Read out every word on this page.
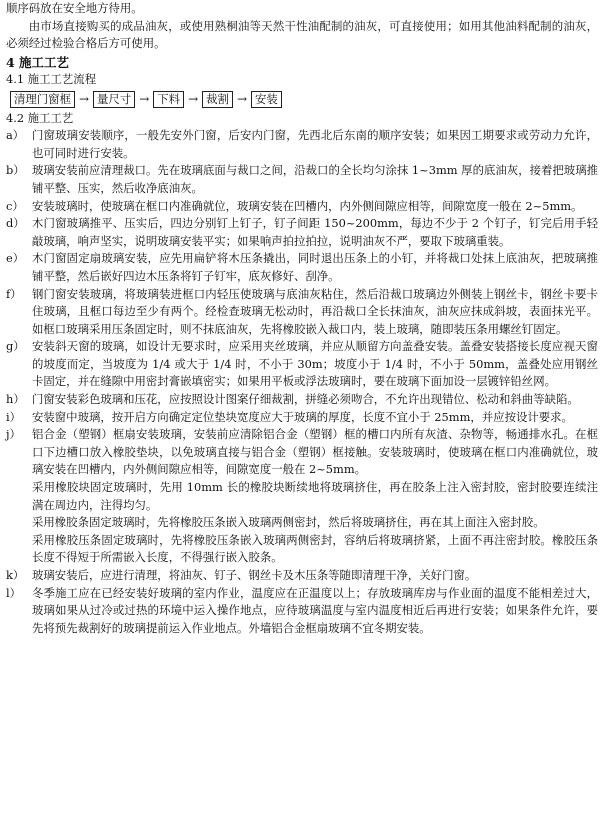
顺序码放在安全地方待用。

由市场直接购买的成品油灰，或使用熟桐油等天然干性油配制的油灰，可直接使用；如用其他油料配制的油灰，必须经过检验合格后方可使用。

4 施工工艺

4.1 施工工艺流程

清理门窗框 → 量尺寸 → 下料 → 裁割 → 安装

4.2 施工工艺

a） 门窗玻璃安装顺序，一般先安外门窗，后安内门窗，先西北后东南的顺序安装；如果因工期要求或劳动力允许，也可同时进行安装。
b） 玻璃安装前应清理裁口。先在玻璃底面与裁口之间，沿裁口的全长均匀涂抹 1~3mm 厚的底油灰，接着把玻璃推铺平整、压实，然后收净底油灰。
c） 安装玻璃时，使玻璃在框口内准确就位，玻璃安装在凹槽内，内外侧间隙应相等，间隙宽度一般在 2~5mm。
d） 木门窗玻璃推平、压实后，四边分别钉上钉子，钉子间距 150~200mm，每边不少于 2 个钉子，钉完后用手轻敲玻璃，响声坚实，说明玻璃安装平实；如果响声拍拉拍拉，说明油灰不严，要取下玻璃重装。
e） 木门窗固定扇玻璃安装，应先用扁铲将木压条撬出，同时退出压条上的小钉，并将裁口处抹上底油灰，把玻璃推铺平整，然后嵌好四边木压条将钉子钉牢，底灰修好、刮净。
f） 钢门窗安装玻璃，将玻璃装进框口内轻压使玻璃与底油灰粘住，然后沿裁口玻璃边外侧装上钢丝卡，钢丝卡要卡住玻璃，且框口每边至少有两个。经检查玻璃无松动时，再沿裁口全长抹油灰，油灰应抹成斜坡，表面抹光平。如框口玻璃采用压条固定时，则不抹底油灰，先将橡胶嵌入裁口内，装上玻璃，随即装压条用螺丝钉固定。
g） 安装斜天窗的玻璃，如设计无要求时，应采用夹丝玻璃，并应从顺留方向盖叠安装。盖叠安装搭接长度应视天窗的坡度而定，当坡度为 1/4 或大于 1/4 时，不小于 30m；坡度小于 1/4 时，不小于 50mm，盖叠处应用钢丝卡固定，并在缝隙中用密封膏嵌填密实；如果用平板或浮法玻璃时，要在玻璃下面加设一层镀锌铅丝网。
h） 门窗安装彩色玻璃和压花，应按照设计图案仔细裁割，拼缝必须吻合，不允许出现错位、松动和斜曲等缺陷。
i） 安装窗中玻璃，按开启方向确定定位垫块宽度应大于玻璃的厚度，长度不宜小于 25mm，并应按设计要求。
j） 铝合金（塑钢）框扇安装玻璃，安装前应清除铝合金（塑钢）框的槽口内所有灰渣、杂物等，畅通排水孔。在框口下边槽口放入橡胶垫块，以免玻璃直接与铝合金（塑钢）框接触。安装玻璃时，使玻璃在框口内准确就位，玻璃安装在凹槽内，内外侧间隙应相等，间隙宽度一般在 2~5mm。

采用橡胶块固定玻璃时，先用 10mm 长的橡胶块断续地将玻璃挤住，再在胶条上注入密封胶，密封胶要连续注满在周边内，注得均匀。

采用橡胶条固定玻璃时，先将橡胶压条嵌入玻璃两侧密封，然后将玻璃挤住，再在其上面注入密封胶。

采用橡胶压条固定玻璃时，先将橡胶压条嵌入玻璃两侧密封，容纳后将玻璃挤紧，上面不再注密封胶。橡胶压条长度不得短于所需嵌入长度，不得强行嵌入胶条。

k） 玻璃安装后，应进行清理，将油灰、钉子、钢丝卡及木压条等随即清理干净，关好门窗。
l） 冬季施工应在已经安装好玻璃的室内作业，温度应在正温度以上；存放玻璃库房与作业面的温度不能相差过大，玻璃如果从过冷或过热的环境中运入操作地点，应待玻璃温度与室内温度相近后再进行安装；如果条件允许，要先将预先裁割好的玻璃提前运入作业地点。外墙铝合金框扇玻璃不宜冬期安装。
